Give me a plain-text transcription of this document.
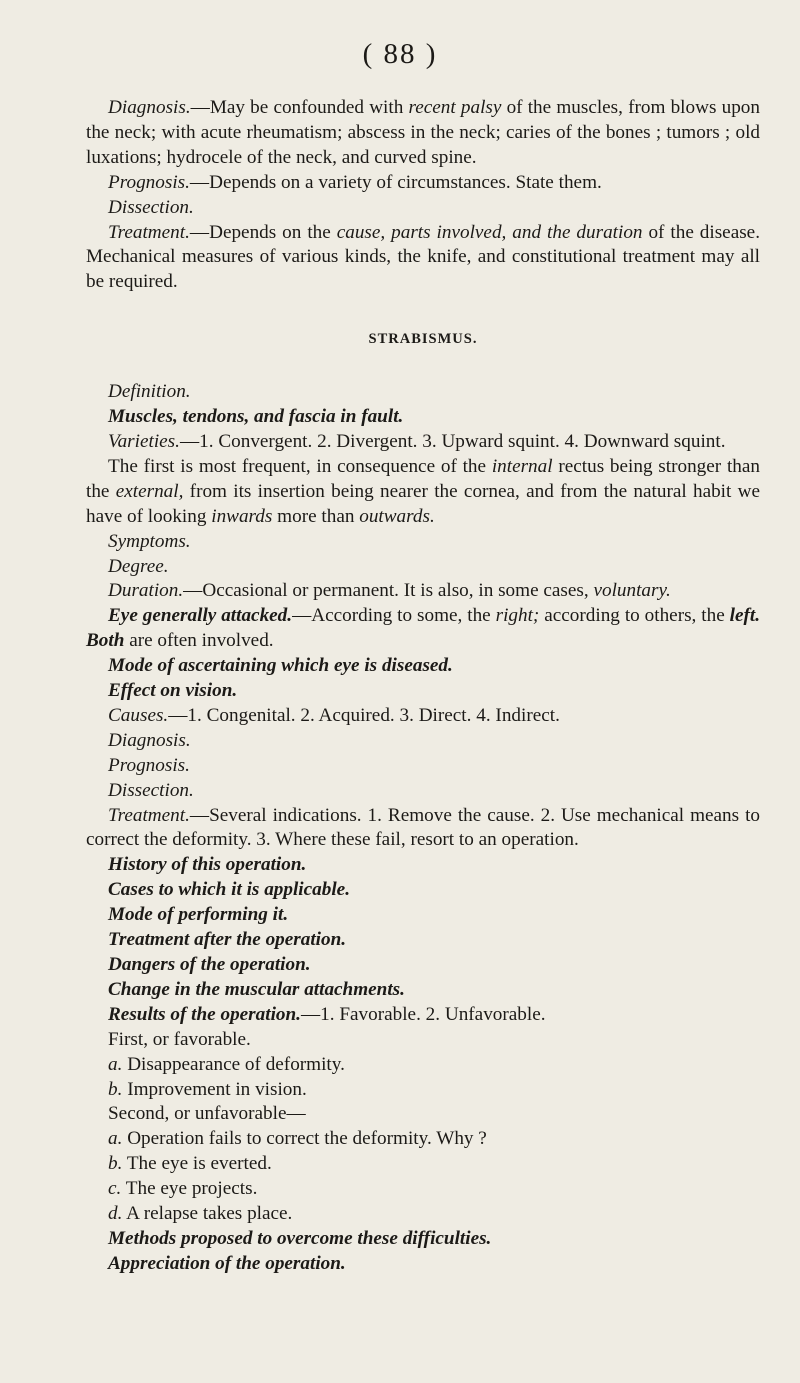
( 88 )

Diagnosis.—May be confounded with recent palsy of the muscles, from blows upon the neck; with acute rheumatism; abscess in the neck; caries of the bones ; tumors ; old luxations; hydrocele of the neck, and curved spine.

Prognosis.—Depends on a variety of circumstances. State them.

Dissection.

Treatment.—Depends on the cause, parts involved, and the duration of the disease. Mechanical measures of various kinds, the knife, and constitutional treatment may all be required.

STRABISMUS.

Definition.

Muscles, tendons, and fascia in fault.

Varieties.—1. Convergent. 2. Divergent. 3. Upward squint. 4. Downward squint.

The first is most frequent, in consequence of the internal rectus being stronger than the external, from its insertion being nearer the cornea, and from the natural habit we have of looking inwards more than outwards.

Symptoms.

Degree.

Duration.—Occasional or permanent. It is also, in some cases, voluntary.

Eye generally attacked.—According to some, the right; according to others, the left. Both are often involved.

Mode of ascertaining which eye is diseased.

Effect on vision.

Causes.—1. Congenital. 2. Acquired. 3. Direct. 4. Indirect.

Diagnosis.

Prognosis.

Dissection.

Treatment.—Several indications. 1. Remove the cause. 2. Use mechanical means to correct the deformity. 3. Where these fail, resort to an operation.

History of this operation.

Cases to which it is applicable.

Mode of performing it.

Treatment after the operation.

Dangers of the operation.

Change in the muscular attachments.

Results of the operation.—1. Favorable. 2. Unfavorable.

First, or favorable.

a. Disappearance of deformity.

b. Improvement in vision.

Second, or unfavorable—

a. Operation fails to correct the deformity. Why ?

b. The eye is everted.

c. The eye projects.

d. A relapse takes place.

Methods proposed to overcome these difficulties.

Appreciation of the operation.
